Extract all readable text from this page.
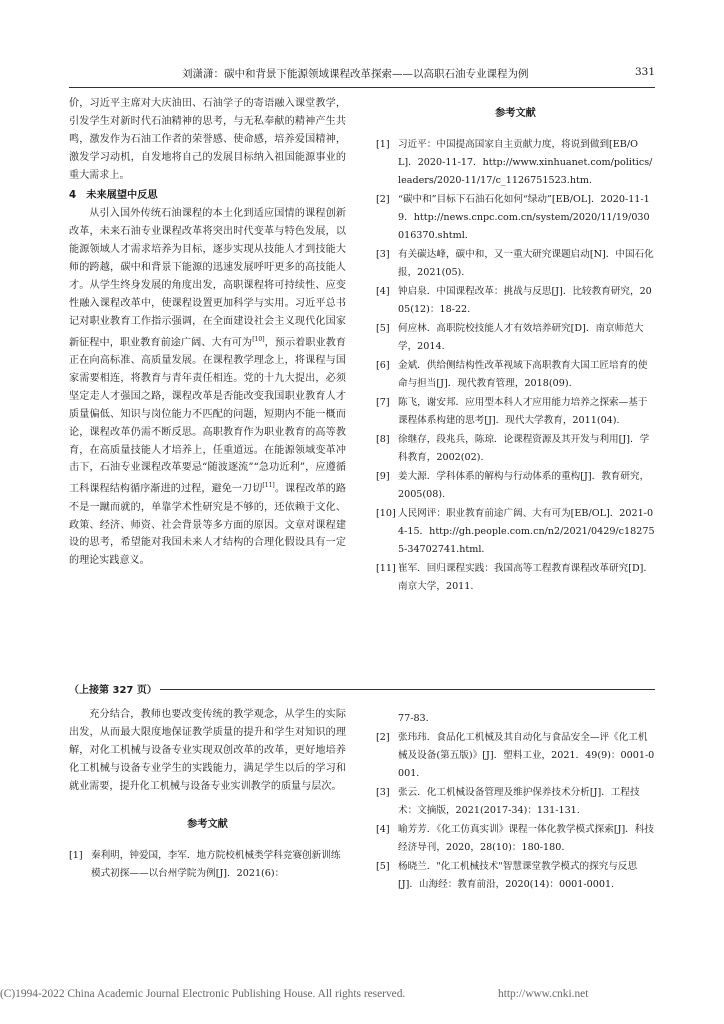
刘潇潇：碳中和背景下能源领域课程改革探索——以高职石油专业课程为例	331

价，习近平主席对大庆油田、石油学子的寄语融入课堂教学，引发学生对新时代石油精神的思考，与无私奉献的精神产生共鸣，激发作为石油工作者的荣誉感、使命感，培养爱国精神，激发学习动机，自发地将自己的发展目标纳入祖国能源事业的重大需求上。

4　未来展望中反思

从引入国外传统石油课程的本土化到适应国情的课程创新改革，未来石油专业课程改革将突出时代变革与特色发展，以能源领域人才需求培养为目标，逐步实现从技能人才到技能大师的跨越，碳中和背景下能源的迅速发展呼吁更多的高技能人才。从学生终身发展的角度出发，高职课程将可持续性、应变性融入课程改革中，使课程设置更加科学与实用。习近平总书记对职业教育工作指示强调，在全面建设社会主义现代化国家新征程中，职业教育前途广阔、大有可为[10]，预示着职业教育正在向高标准、高质量发展。在课程教学理念上，将课程与国家需要相连，将教育与青年责任相连。党的十九大提出，必须坚定走人才强国之路，课程改革是否能改变我国职业教育人才质量偏低、知识与岗位能力不匹配的问题，短期内不能一概而论，课程改革仍需不断反思。高职教育作为职业教育的高等教育，在高质量技能人才培养上，任重道远。在能源领域变革冲击下，石油专业课程改革要忌“随波逐流”“急功近利”，应遵循工科课程结构循序渐进的过程，避免一刀切[11]。课程改革的路不是一蹴而就的，单靠学术性研究是不够的，还依赖于文化、政策、经济、师资、社会背景等多方面的原因。文章对课程建设的思考，希望能对我国未来人才结构的合理化假设具有一定的理论实践意义。

参考文献
[1] 习近平：中国提高国家自主贡献力度，将说到做到[EB/OL]．2020-11-17．http://www.xinhuanet.com/politics/leaders/2020-11/17/c_1126751523.htm.
[2] “碳中和”目标下石油石化如何“绿动”[EB/OL]．2020-11-19．http://news.cnpc.com.cn/system/2020/11/19/030016370.shtml.
[3] 有关碳达峰，碳中和，又一重大研究课题启动[N]．中国石化报，2021(05).
[4] 钟启泉．中国课程改革：挑战与反思[J]．比较教育研究，2005(12)：18-22.
[5] 何应林．高职院校技能人才有效培养研究[D]．南京师范大学，2014.
[6] 金斌．供给侧结构性改革视域下高职教育大国工匠培育的使命与担当[J]．现代教育管理，2018(09).
[7] 陈飞，谢安邦．应用型本科人才应用能力培养之探索—基于课程体系构建的思考[J]．现代大学教育，2011(04).
[8] 徐继存，段兆兵，陈琼．论课程资源及其开发与利用[J]．学科教育，2002(02).
[9] 姜大源．学科体系的解构与行动体系的重构[J]．教育研究，2005(08).
[10] 人民网评：职业教育前途广阔、大有可为[EB/OL]．2021-04-15．http://gh.people.com.cn/n2/2021/0429/c182755-34702741.html.
[11] 崔军．回归课程实践：我国高等工程教育课程改革研究[D]．南京大学，2011.
（上接第 327 页）

充分结合，教师也要改变传统的教学观念，从学生的实际出发，从而最大限度地保证教学质量的提升和学生对知识的理解，对化工机械与设备专业实现双创改革的改革，更好地培养化工机械与设备专业学生的实践能力，满足学生以后的学习和就业需要，提升化工机械与设备专业实训教学的质量与层次。

参考文献
[1] 秦利明，钟爱国，李军．地方院校机械类学科竞赛创新训练模式初探——以台州学院为例[J]．2021(6)：
77-83.
[2] 张玮玮．食品化工机械及其自动化与食品安全—评《化工机械及设备(第五版)》[J]．塑料工业，2021．49(9)：0001-0001.
[3] 张云．化工机械设备管理及维护保养技术分析[J]．工程技术：文摘版，2021(2017-34)：131-131.
[4] 喻芳芳．《化工仿真实训》课程一体化教学模式探索[J]．科技经济导刊，2020，28(10)：180-180.
[5] 杨晓兰．"化工机械技术"智慧课堂教学模式的探究与反思[J]．山海经：教育前沿，2020(14)：0001-0001.
(C)1994-2022 China Academic Journal Electronic Publishing House. All rights reserved.	http://www.cnki.net
